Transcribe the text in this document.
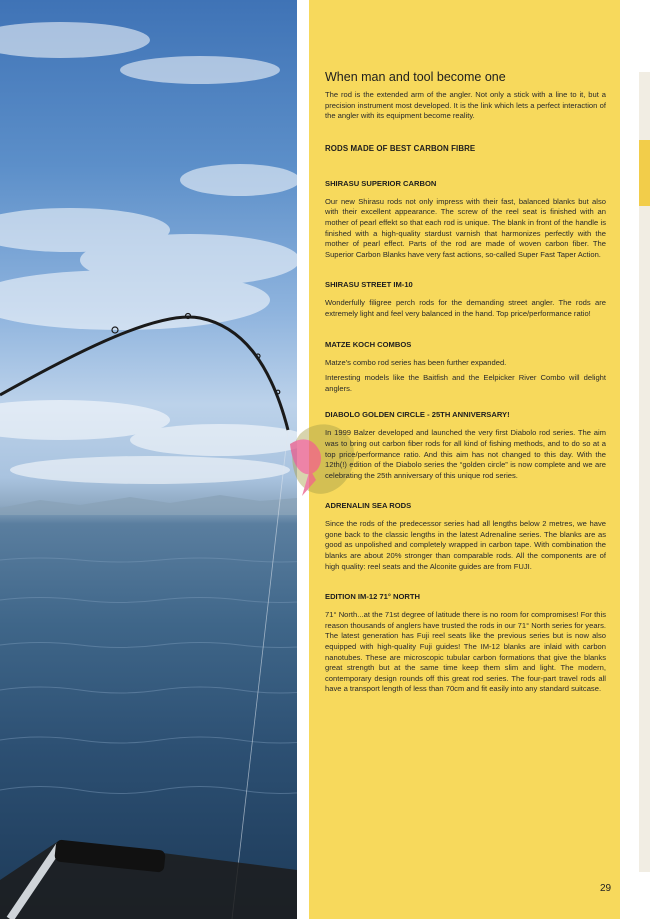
When man and tool become one

The rod is the extended arm of the angler. Not only a stick with a line to it, but a precision instrument most developed. It is the link which lets a perfect interaction of the angler with its equipment become reality.

RODS MADE OF BEST CARBON FIBRE
SHIRASU SUPERIOR CARBON

Our new Shirasu rods not only impress with their fast, balanced blanks but also with their excellent appearance. The screw of the reel seat is finished with an mother of pearl effekt so that each rod is unique. The blank in front of the handle is finished with a high-quality stardust varnish that harmonizes perfectly with the mother of pearl effect. Parts of the rod are made of woven carbon fiber. The Superior Carbon Blanks have very fast actions, so-called Super Fast Taper Action.

SHIRASU STREET IM-10

Wonderfully filigree perch rods for the demanding street angler. The rods are extremely light and feel very balanced in the hand. Top price/performance ratio!

MATZE KOCH COMBOS

Matze's combo rod series has been further expanded.

Interesting models like the Baitfish and the Eelpicker River Combo will delight anglers.

DIABOLO GOLDEN CIRCLE - 25TH ANNIVERSARY!

In 1999 Balzer developed and launched the very first Diabolo rod series. The aim was to bring out carbon fiber rods for all kind of fishing methods, and to do so at a top price/performance ratio. And this aim has not changed to this day. With the 12th(!) edition of the Diabolo series the “golden circle” is now complete and we are celebrating the 25th anniversary of this unique rod series.

ADRENALIN SEA RODS

Since the rods of the predecessor series had all lengths below 2 metres, we have gone back to the classic lengths in the latest Adrenaline series. The blanks are as good as unpolished and completely wrapped in carbon tape. With combination the blanks are about 20% stronger than comparable rods. All the components are of high quality: reel seats and the Alconite guides are from FUJI.

EDITION IM-12 71° NORTH

71° North...at the 71st degree of latitude there is no room for compromises! For this reason thousands of anglers have trusted the rods in our 71° North series for years. The latest generation has Fuji reel seats like the previous series but is now also equipped with high-quality Fuji guides! The IM-12 blanks are inlaid with carbon nanotubes. These are microscopic tubular carbon formations that give the blanks great strength but at the same time keep them slim and light. The modern, contemporary design rounds off this great rod series. The four-part travel rods all have a transport length of less than 70cm and fit easily into any standard suitcase.

29
